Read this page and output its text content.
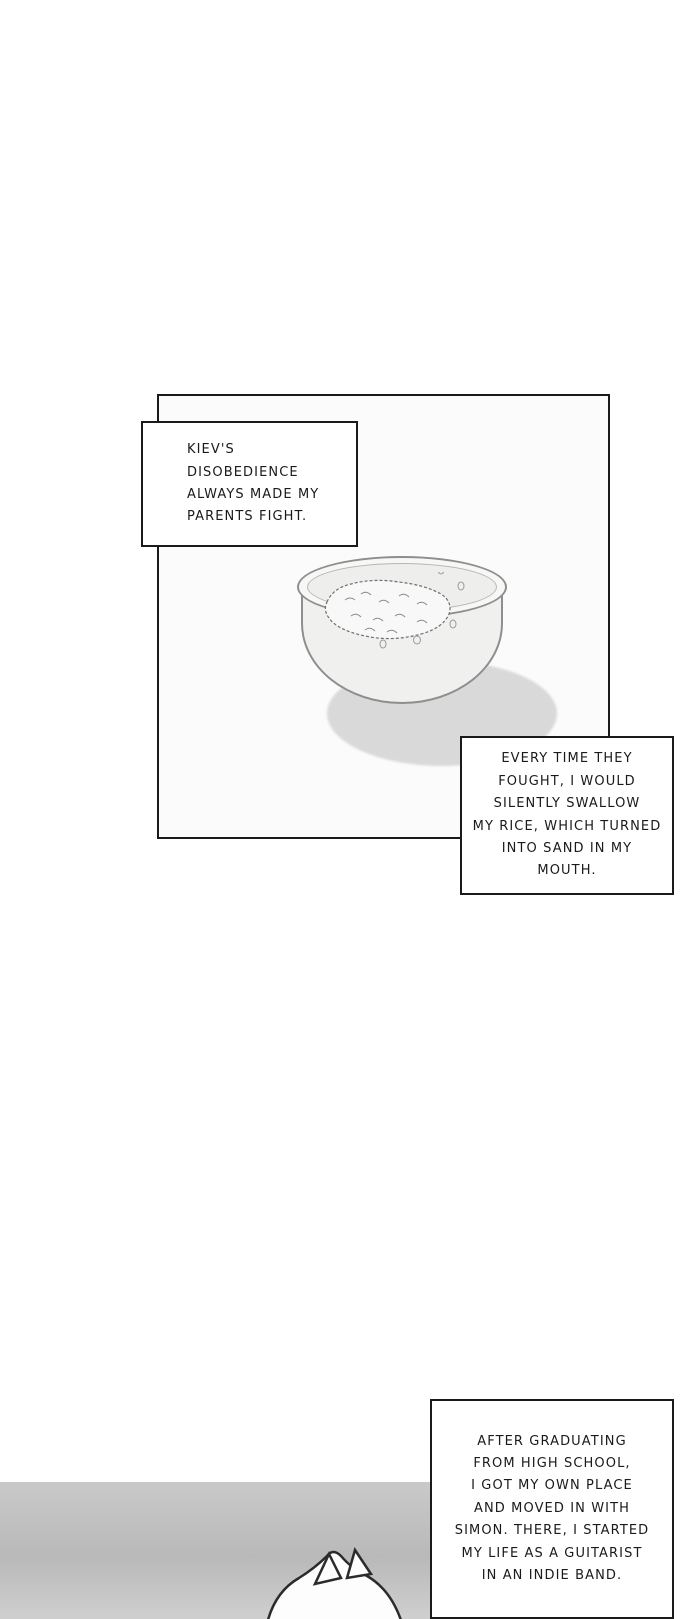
KIEV'S
DISOBEDIENCE
ALWAYS MADE MY
PARENTS FIGHT.
EVERY TIME THEY
FOUGHT, I WOULD
SILENTLY SWALLOW
MY RICE, WHICH TURNED
INTO SAND IN MY
MOUTH.
AFTER GRADUATING
FROM HIGH SCHOOL,
I GOT MY OWN PLACE
AND MOVED IN WITH
SIMON. THERE, I STARTED
MY LIFE AS A GUITARIST
IN AN INDIE BAND.
